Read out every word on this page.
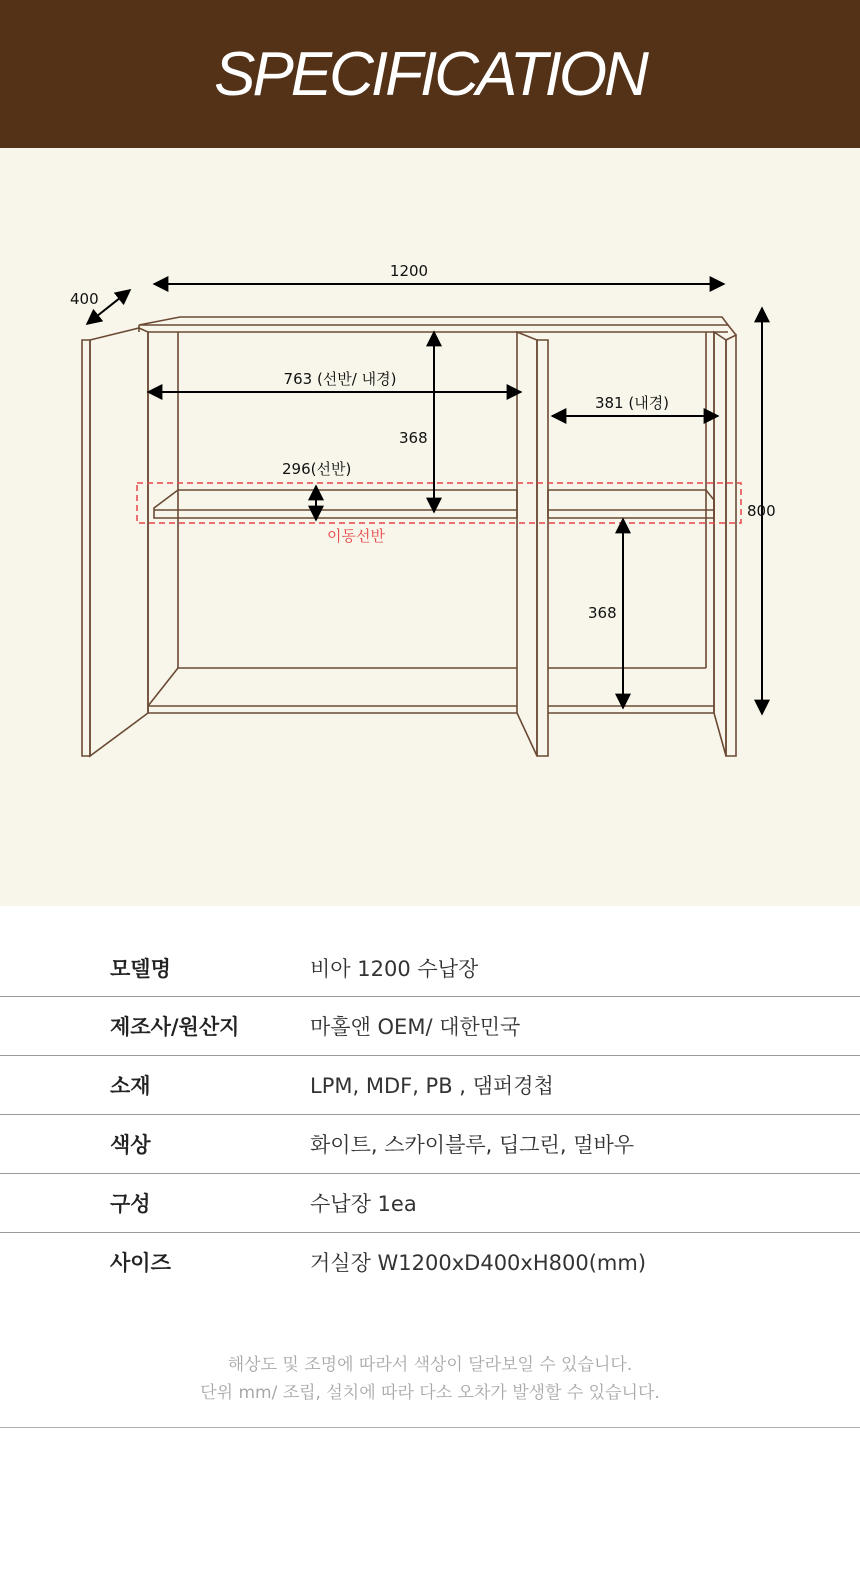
SPECIFICATION
1200
400
800
763 (선반/ 내경)
381 (내경)
368
368
296(선반)
이동선반
모델명	비아 1200 수납장
제조사/원산지	마홀앤 OEM/ 대한민국
소재	LPM, MDF, PB , 댐퍼경첩
색상	화이트, 스카이블루, 딥그린, 멀바우
구성	수납장 1ea
사이즈	거실장 W1200xD400xH800(mm)
해상도 및 조명에 따라서 색상이 달라보일 수 있습니다.
단위 mm/ 조립, 설치에 따라 다소 오차가 발생할 수 있습니다.
